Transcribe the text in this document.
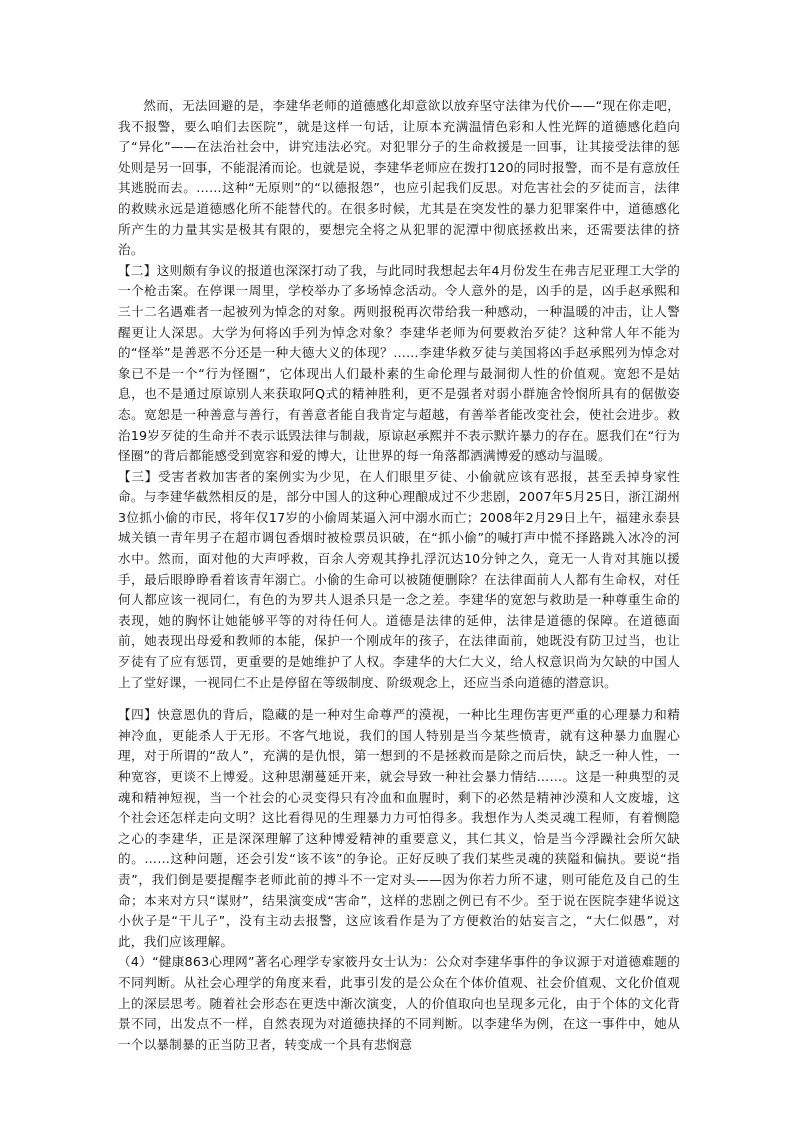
然而，无法回避的是，李建华老师的道德感化却意欲以放弃坚守法律为代价——“现在你走吧，我不报警，要么咱们去医院”，就是这样一句话，让原本充满温情色彩和人性光辉的道德感化趋向了“异化”——在法治社会中，讲究违法必究。对犯罪分子的生命救援是一回事，让其接受法律的惩处则是另一回事，不能混淆而论。也就是说，李建华老师应在拨打120的同时报警，而不是有意放任其逃脱而去。……这种“无原则”的“以德报怨”，也应引起我们反思。对危害社会的歹徒而言，法律的救赎永远是道德感化所不能替代的。在很多时候，尤其是在突发性的暴力犯罪案件中，道德感化所产生的力量其实是极其有限的，要想完全将之从犯罪的泥潭中彻底拯救出来，还需要法律的挤治。

【二】这则颇有争议的报道也深深打动了我，与此同时我想起去年4月份发生在弗吉尼亚理工大学的一个枪击案。在停课一周里，学校举办了多场悼念活动。令人意外的是，凶手的是，凶手赵承熙和三十二名遇难者一起被列为悼念的对象。两则报税再次带给我一种感动，一种温暖的冲击，让人警醒更让人深思。大学为何将凶手列为悼念对象？李建华老师为何要救治歹徒？这种常人年不能为的“怪举”是善恶不分还是一种大德大义的体现？……李建华救歹徒与美国将凶手赵承熙列为悼念对象已不是一个“行为怪圈”，它体现出人们最朴素的生命伦理与最洞彻人性的价值观。宽恕不是姑息，也不是通过原谅别人来获取阿Q式的精神胜利，更不是强者对弱小群施舍怜悯所具有的倨傲姿态。宽恕是一种善意与善行，有善意者能自我肯定与超越，有善举者能改变社会，使社会进步。救治19岁歹徒的生命并不表示诋毁法律与制裁，原谅赵承熙并不表示默许暴力的存在。愿我们在“行为怪圈”的背后都能感受到宽容和爱的博大，让世界的每一角落都洒满博爱的感动与温暖。

【三】受害者救加害者的案例实为少见，在人们眼里歹徒、小偷就应该有恶报，甚至丢掉身家性命。与李建华截然相反的是，部分中国人的这种心理酿成过不少悲剧，2007年5月25日，浙江湖州3位抓小偷的市民，将年仅17岁的小偷周某逼入河中溺水而亡；2008年2月29日上午，福建永泰县城关镇一青年男子在超市调包香烟时被检票员识破，在“抓小偷”的喊打声中慌不择路跳入冰冷的河水中。然而，面对他的大声呼救，百余人旁观其挣扎浮沉达10分钟之久，竟无一人肯对其施以援手，最后眼睁睁看着该青年溺亡。小偷的生命可以被随便删除？在法律面前人人都有生命权，对任何人都应该一视同仁，有色的为罗共人退杀只是一念之差。李建华的宽恕与救助是一种尊重生命的表现，她的胸怀让她能够平等的对待任何人。道德是法律的延伸，法律是道德的保障。在道德面前，她表现出母爱和教师的本能，保护一个刚成年的孩子，在法律面前，她既没有防卫过当，也让歹徒有了应有惩罚，更重要的是她维护了人权。李建华的大仁大义，给人权意识尚为欠缺的中国人上了堂好课，一视同仁不止是停留在等级制度、阶级观念上，还应当杀向道德的潜意识。

【四】快意恩仇的背后，隐藏的是一种对生命尊严的漠视，一种比生理伤害更严重的心理暴力和精神冷血，更能杀人于无形。不客气地说，我们的国人特别是当今某些愤青，就有这种暴力血腥心理，对于所谓的“敌人”，充满的是仇恨，第一想到的不是拯救而是除之而后快，缺乏一种人性，一种宽容，更谈不上博爱。这种思潮蔓延开来，就会导致一种社会暴力情结……。这是一种典型的灵魂和精神短视，当一个社会的心灵变得只有冷血和血腥时，剩下的必然是精神沙漠和人文废墟，这个社会还怎样走向文明？这比看得见的生理暴力力可怕得多。我想作为人类灵魂工程师，有着恻隐之心的李建华，正是深深理解了这种博爱精神的重要意义，其仁其义，恰是当今浮躁社会所欠缺的。……这种问题，还会引发“该不该”的争论。正好反映了我们某些灵魂的狭隘和偏执。要说“指责”，我们倒是要提醒李老师此前的搏斗不一定对头——因为你若力所不逮，则可能危及自己的生命；本来对方只“谋财”，结果演变成“害命”，这样的悲剧之例已有不少。至于说在医院李建华说这小伙子是“干儿子”，没有主动去报警，这应该看作是为了方便救治的姑妄言之，“大仁似愚”，对此，我们应该理解。

（4）“健康863心理网”著名心理学专家筱丹女士认为：公众对李建华事件的争议源于对道德难题的不同判断。从社会心理学的角度来看，此事引发的是公众在个体价值观、社会价值观、文化价值观上的深层思考。随着社会形态在更迭中渐次演变，人的价值取向也呈现多元化，由于个体的文化背景不同，出发点不一样，自然表现为对道德抉择的不同判断。以李建华为例，在这一事件中，她从一个以暴制暴的正当防卫者，转变成一个具有悲悯意
